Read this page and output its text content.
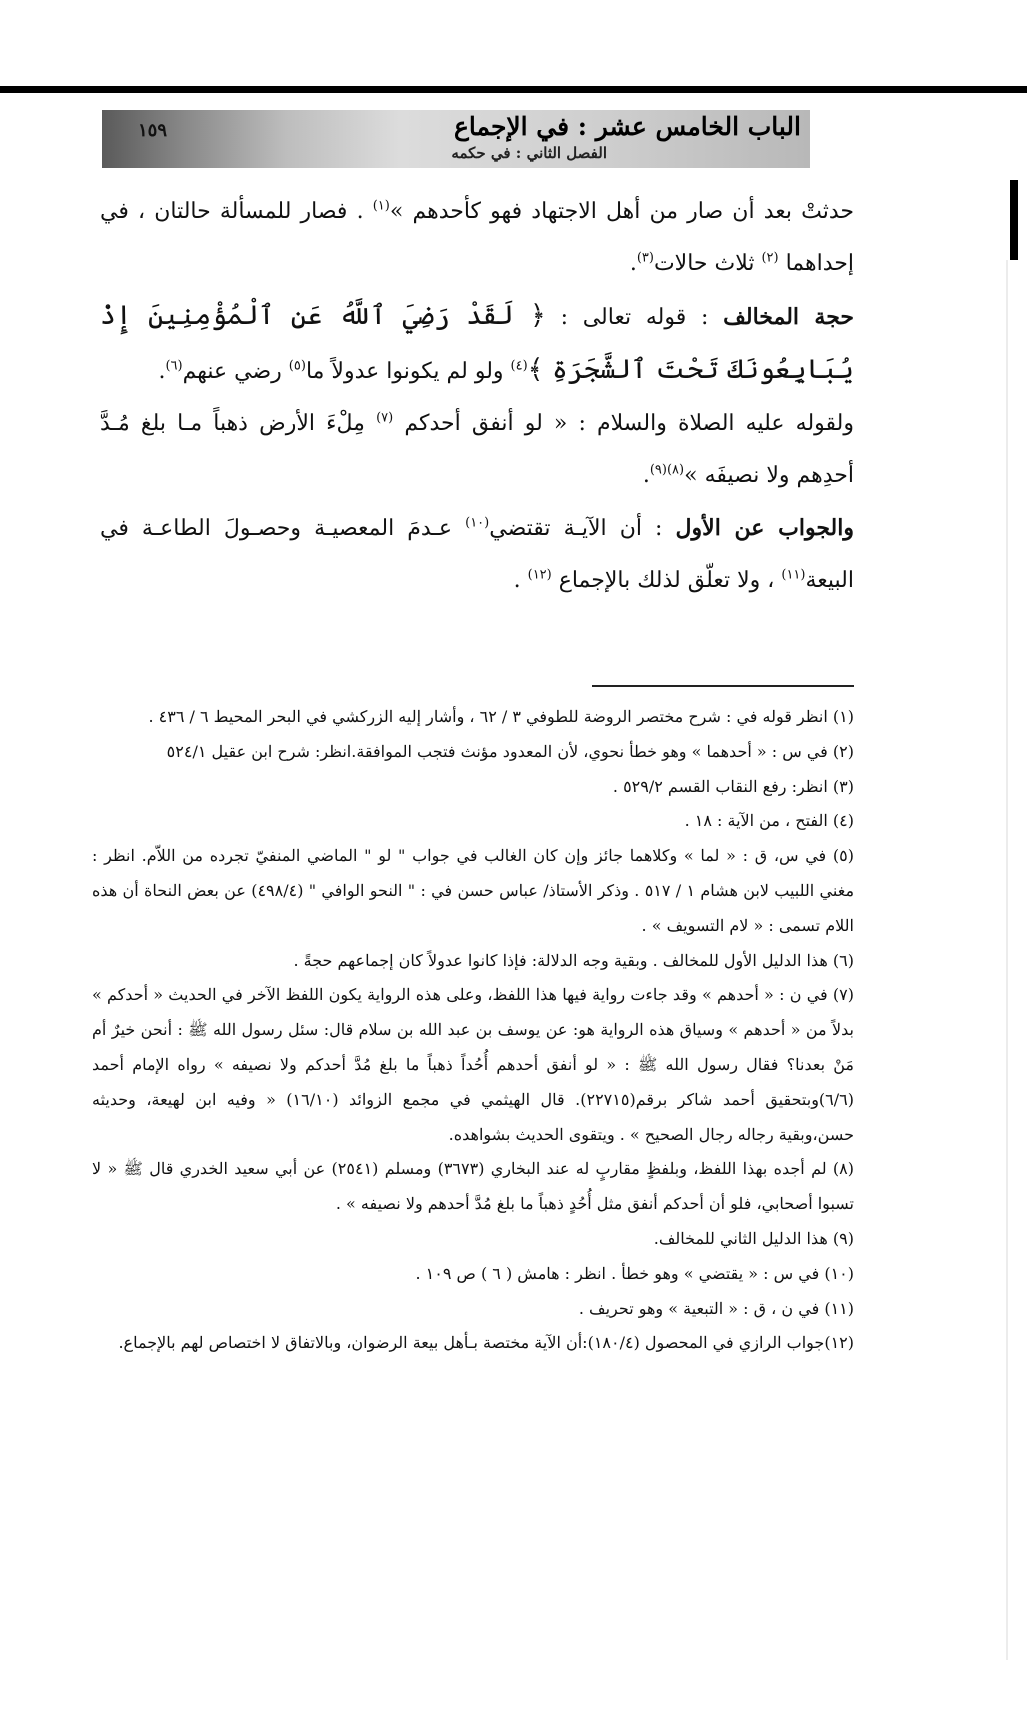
الباب الخامس عشر : في الإجماع
الفصل الثاني : في حكمه
١٥٩

حدثتْ بعد أن صار من أهل الاجتهاد فهو كأحدهم »$^{(١)}$ . فصار للمسألة حالتان ، في إحداهما $^{(٢)}$ ثلاث حالات$^{(٣)}$.

حجة المخالف : قوله تعالى : ﴿ لَقَدْ رَضِيَ ٱللَّهُ عَنِ ٱلْمُؤْمِنِينَ إِذْ يُبَايِعُونَكَ تَحْتَ ٱلشَّجَرَةِ ﴾$^{(٤)}$ ولو لم يكونوا عدولاً ما$^{(٥)}$ رضي عنهم$^{(٦)}$.

ولقوله عليه الصلاة والسلام : « لو أنفق أحدكم $^{(٧)}$ مِلْءَ الأرض ذهباً مـا بلغ مُـدَّ أحدِهم ولا نصيفَه »$^{(٨)(٩)}$.

والجواب عن الأول : أن الآيـة تقتضي$^{(١٠)}$ عـدمَ المعصيـة وحصـولَ الطاعـة في البيعة$^{(١١)}$ ، ولا تعلّق لذلك بالإجماع $^{(١٢)}$ .

(١) انظر قوله في : شرح مختصر الروضة للطوفي ٣ / ٦٢ ، وأشار إليه الزركشي في البحر المحيط ٦ / ٤٣٦ .

(٢) في س : « أحدهما » وهو خطأ نحوي، لأن المعدود مؤنث فتجب الموافقة.انظر: شرح ابن عقيل ٥٢٤/١

(٣) انظر: رفع النقاب القسم ٥٢٩/٢ .

(٤) الفتح ، من الآية : ١٨ .

(٥) في س، ق : « لما » وكلاهما جائز وإن كان الغالب في جواب " لو " الماضي المنفيّ تجرده من اللاّم. انظر : مغني اللبيب لابن هشام ١ / ٥١٧ . وذكر الأستاذ/ عباس حسن في : " النحو الوافي " (٤٩٨/٤) عن بعض النحاة أن هذه اللام تسمى : « لام التسويف » .

(٦) هذا الدليل الأول للمخالف . وبقية وجه الدلالة: فإذا كانوا عدولاً كان إجماعهم حجةً .

(٧) في ن : « أحدهم » وقد جاءت رواية فيها هذا اللفظ، وعلى هذه الرواية يكون اللفظ الآخر في الحديث « أحدكم » بدلاً من « أحدهم » وسياق هذه الرواية هو: عن يوسف بن عبد الله بن سلام قال: سئل رسول الله ﷺ : أنحن خيرٌ أم مَنْ بعدنا؟ فقال رسول الله ﷺ : « لو أنفق أحدهم أُحُداً ذهباً ما بلغ مُدَّ أحدكم ولا نصيفه » رواه الإمام أحمد (٦/٦)وبتحقيق أحمد شاكر برقم(٢٢٧١٥). قال الهيثمي في مجمع الزوائد (١٦/١٠) « وفيه ابن لهيعة، وحديثه حسن،وبقية رجاله رجال الصحيح » . ويتقوى الحديث بشواهده.

(٨) لم أجده بهذا اللفظ، وبلفظٍ مقاربٍ له عند البخاري (٣٦٧٣) ومسلم (٢٥٤١) عن أبي سعيد الخدري قال ﷺ « لا تسبوا أصحابي، فلو أن أحدكم أنفق مثل أُحُدٍ ذهباً ما بلغ مُدَّ أحدهم ولا نصيفه » .

(٩) هذا الدليل الثاني للمخالف.

(١٠) في س : « يقتضي » وهو خطأ . انظر : هامش ( ٦ ) ص ١٠٩ .

(١١) في ن ، ق : « التبعية » وهو تحريف .

(١٢)جواب الرازي في المحصول (١٨٠/٤):أن الآية مختصة بـأهل بيعة الرضوان، وبالاتفاق لا اختصاص لهم بالإجماع.
